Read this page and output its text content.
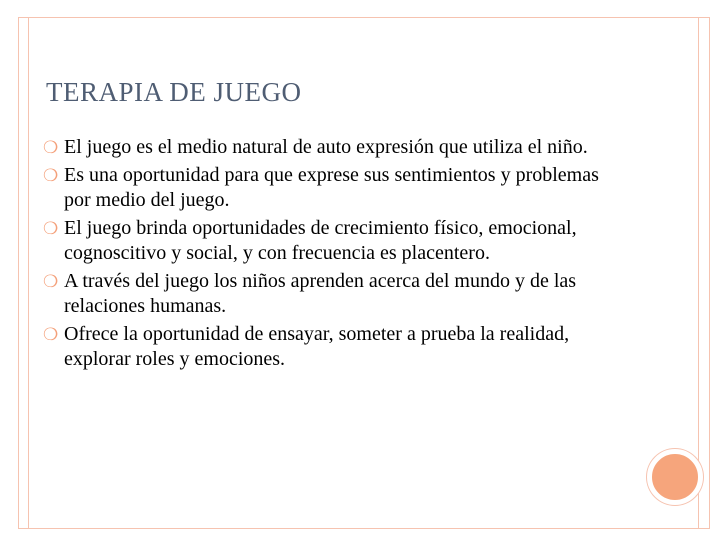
TERAPIA DE JUEGO
❍ El juego es el medio natural de auto expresión que utiliza el niño.
❍ Es una oportunidad para que exprese sus sentimientos y problemas por medio del juego.
❍ El juego brinda oportunidades de crecimiento físico, emocional, cognoscitivo y social, y con frecuencia es placentero.
❍ A través del juego los niños aprenden acerca del mundo y de las relaciones humanas.
❍ Ofrece la oportunidad de ensayar, someter a prueba la realidad, explorar roles y emociones.
